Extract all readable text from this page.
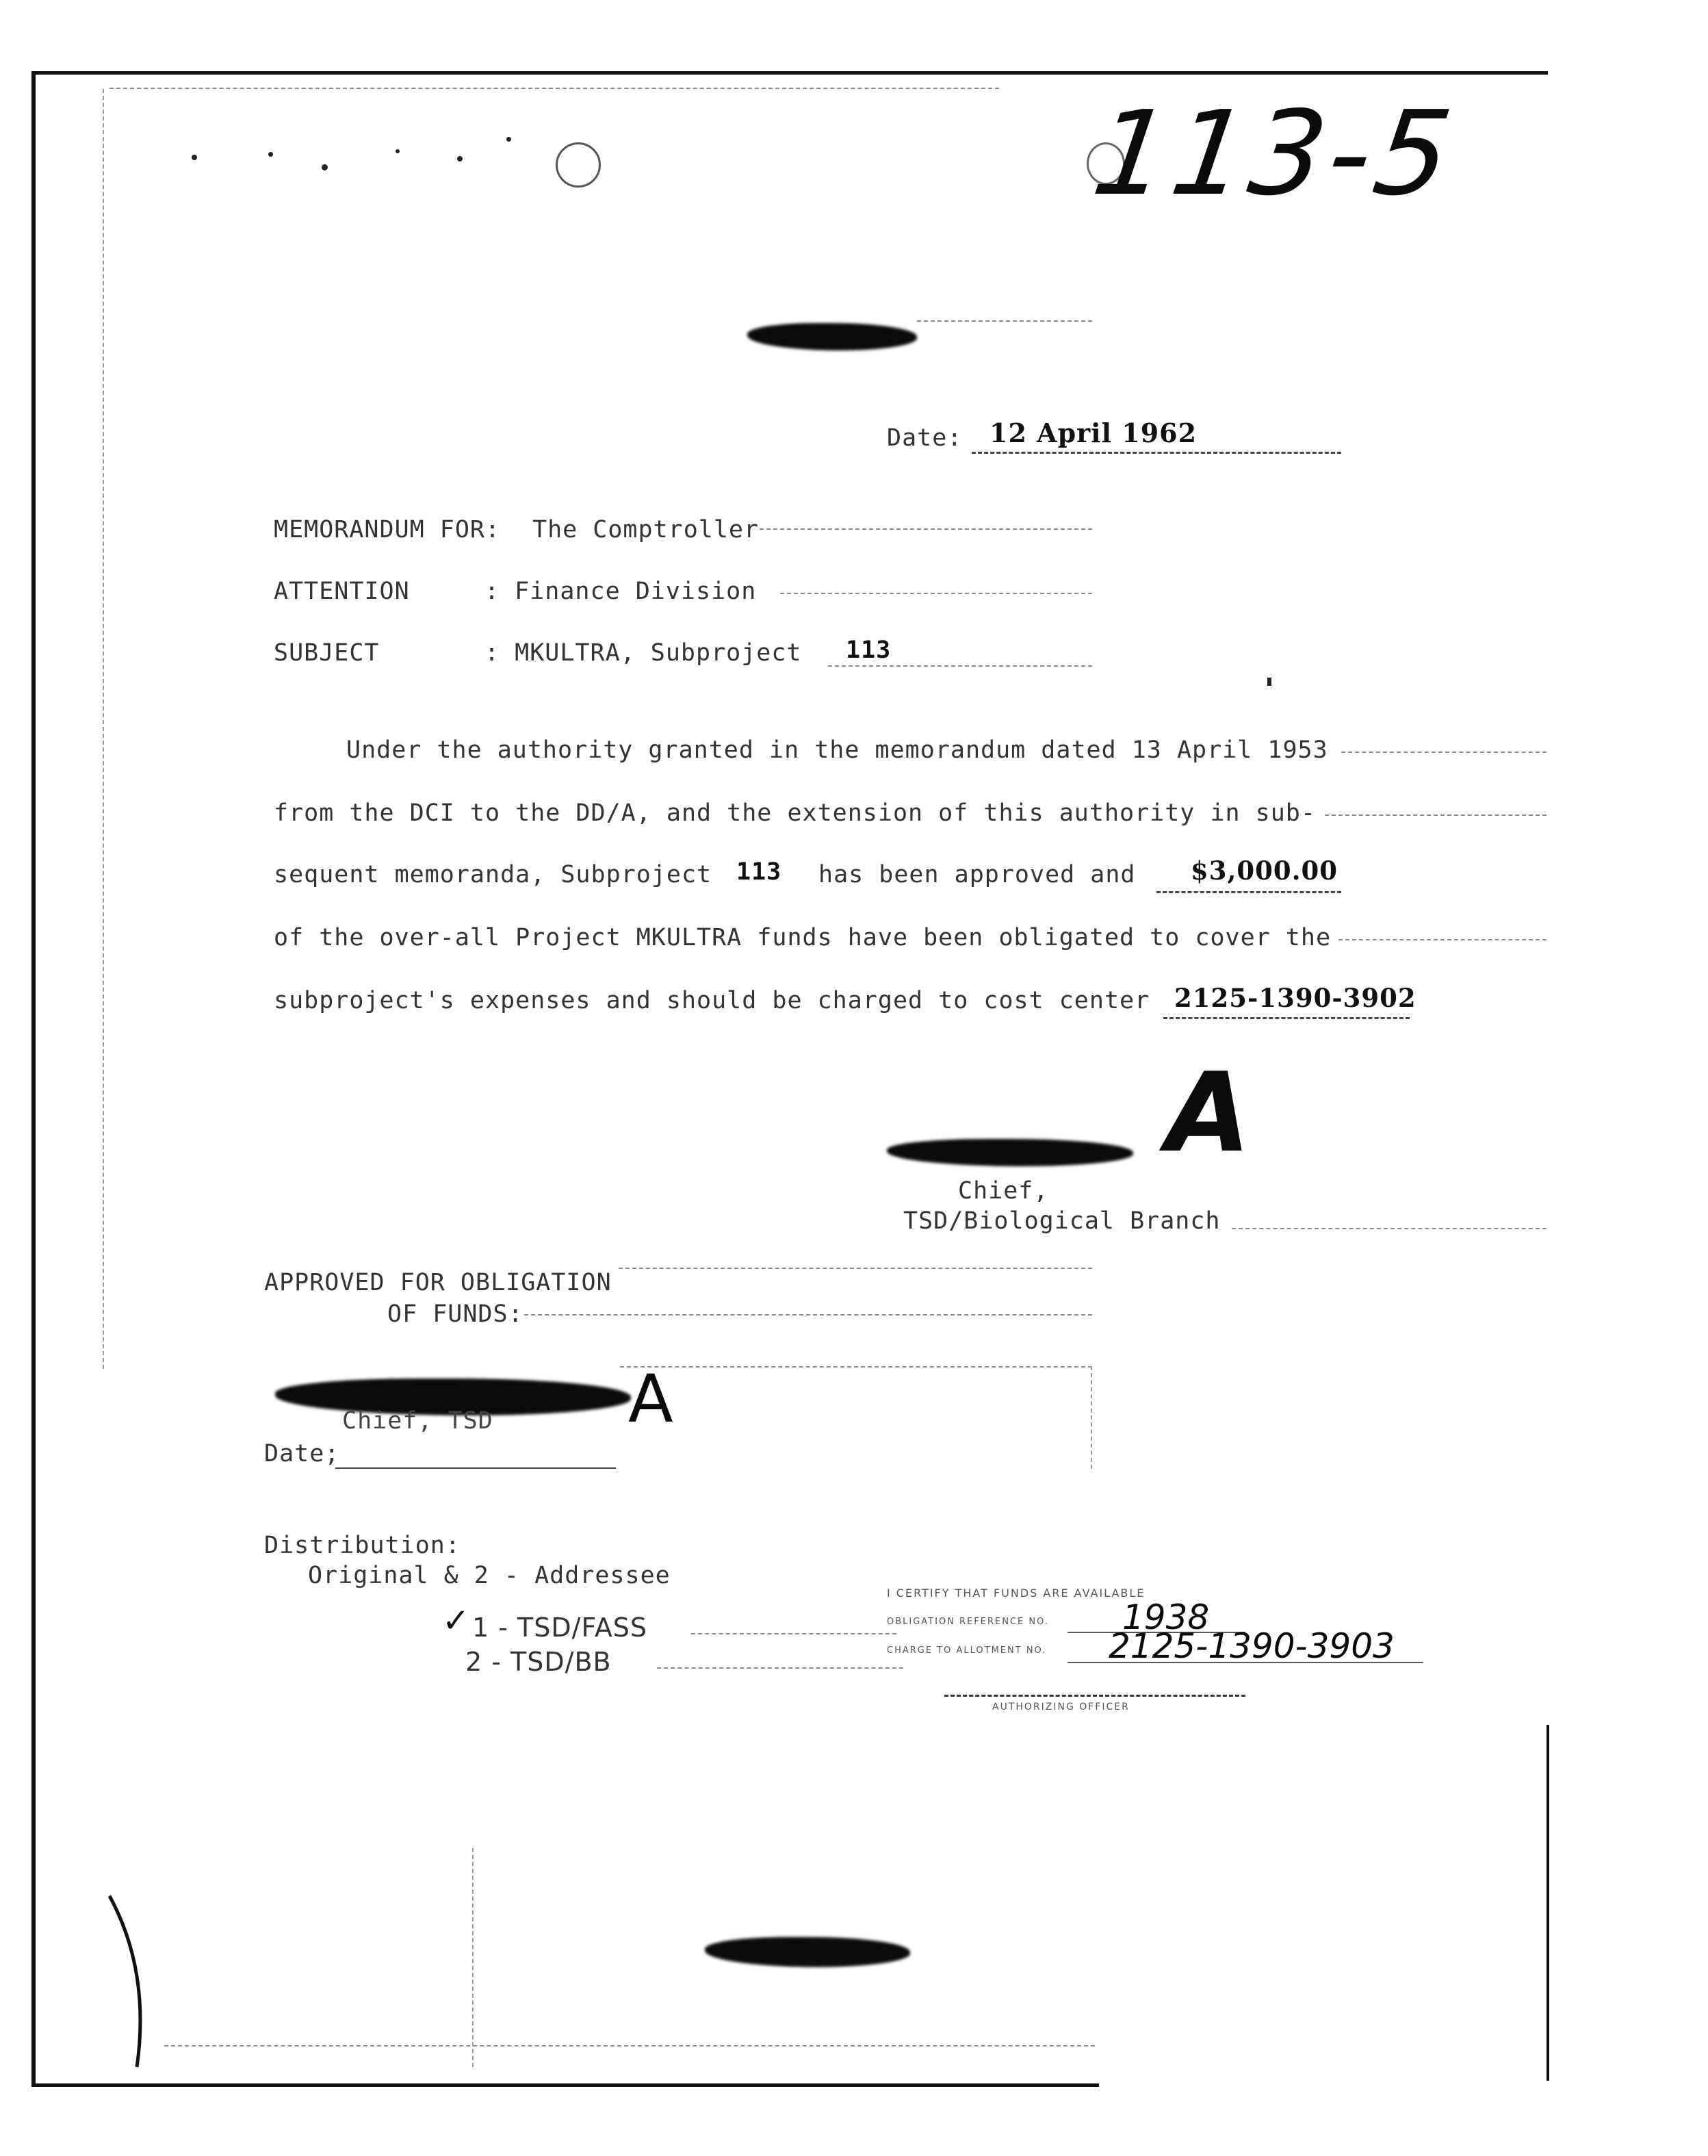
113-5
Date: 12 April 1962
MEMORANDUM FOR: The Comptroller
ATTENTION	: Finance Division
SUBJECT	: MKULTRA, Subproject 113
Under the authority granted in the memorandum dated 13 April 1953
from the DCI to the DD/A, and the extension of this authority in sub-
sequent memoranda, Subproject 113 has been approved and $3,000.00
of the over-all Project MKULTRA funds have been obligated to cover the
subproject's expenses and should be charged to cost center 2125-1390-3902
A
Chief,
TSD/Biological Branch
APPROVED FOR OBLIGATION
OF FUNDS:
Chief, TSD A
Date;
Distribution:
Original & 2 - Addressee
✓ 1 - TSD/FASS
2 - TSD/BB
I CERTIFY THAT FUNDS ARE AVAILABLE
OBLIGATION REFERENCE NO. 1938
CHARGE TO ALLOTMENT NO. 2125-1390-3903
AUTHORIZING OFFICER
